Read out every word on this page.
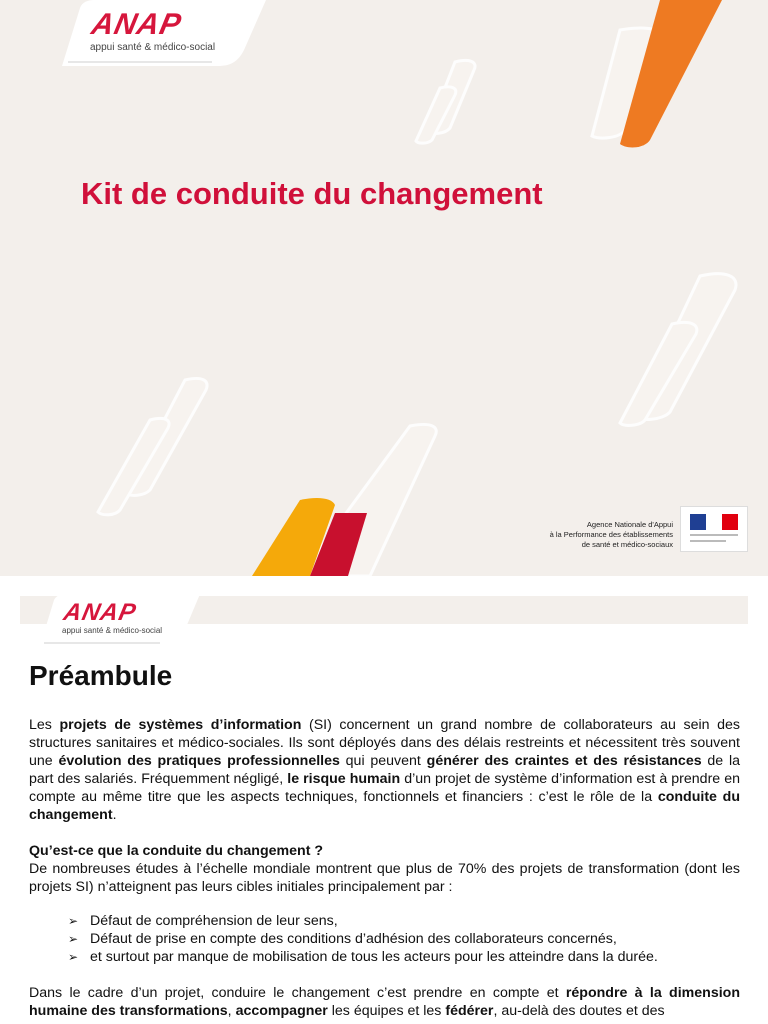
ANAP
appui santé & médico-social
Kit de conduite du changement
Agence Nationale d'Appui
à la Performance des établissements
de santé et médico-sociaux
ANAP
appui santé & médico-social
Préambule

Les projets de systèmes d’information (SI) concernent un grand nombre de collaborateurs au sein des structures sanitaires et médico-sociales. Ils sont déployés dans des délais restreints et nécessitent très souvent une évolution des pratiques professionnelles qui peuvent générer des craintes et des résistances de la part des salariés. Fréquemment négligé, le risque humain d’un projet de système d’information est à prendre en compte au même titre que les aspects techniques, fonctionnels et financiers : c’est le rôle de la conduite du changement.

Qu’est-ce que la conduite du changement ?

De nombreuses études à l’échelle mondiale montrent que plus de 70% des projets de transformation (dont les projets SI) n’atteignent pas leurs cibles initiales principalement par :

➢ Défaut de compréhension de leur sens,
➢ Défaut de prise en compte des conditions d’adhésion des collaborateurs concernés,
➢ et surtout par manque de mobilisation de tous les acteurs pour les atteindre dans la durée.

Dans le cadre d’un projet, conduire le changement c’est prendre en compte et répondre à la dimension humaine des transformations, accompagner les équipes et les fédérer, au-delà des doutes et des
